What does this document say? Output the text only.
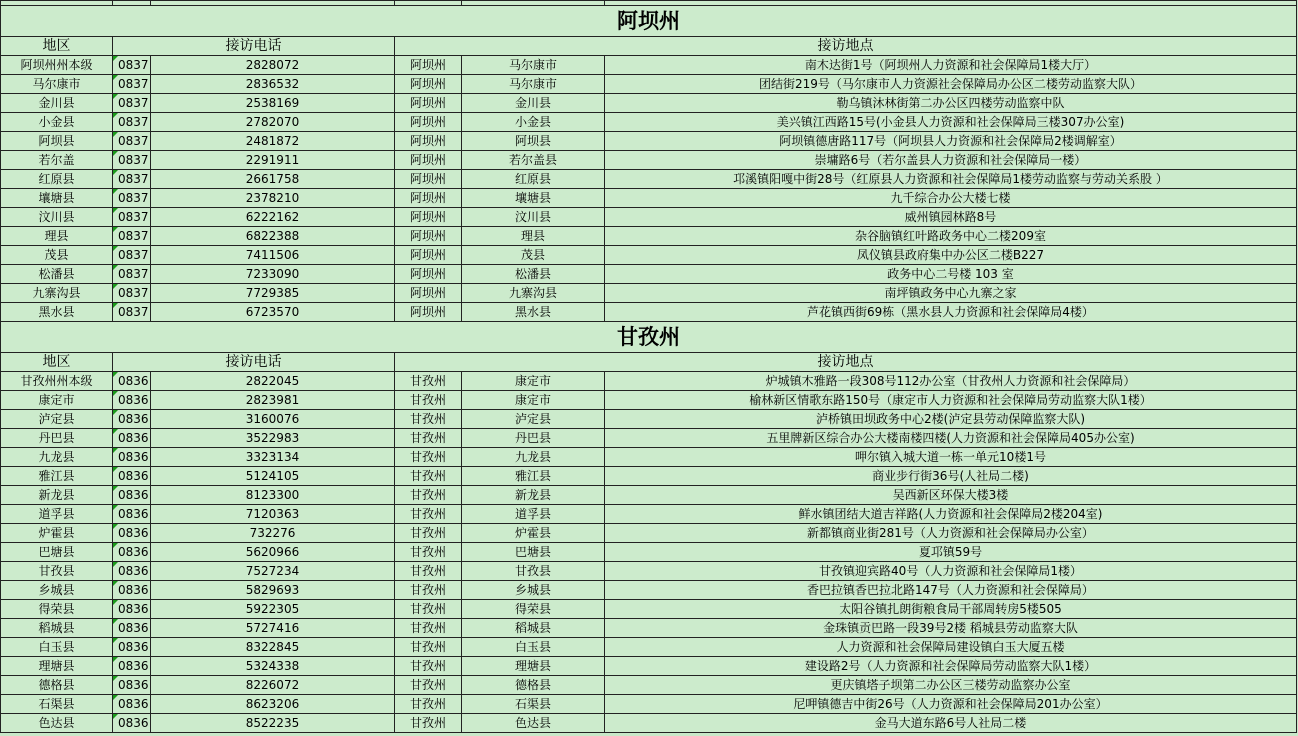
阿坝州					
地区	接访电话		接访地点		
阿坝州州本级	0837	2828072	阿坝州	马尔康市	南木达街1号（阿坝州人力资源和社会保障局1楼大厅）
马尔康市	0837	2836532	阿坝州	马尔康市	团结街219号（马尔康市人力资源社会保障局办公区二楼劳动监察大队）
金川县	0837	2538169	阿坝州	金川县	勒乌镇沐林街第二办公区四楼劳动监察中队
小金县	0837	2782070	阿坝州	小金县	美兴镇江西路15号(小金县人力资源和社会保障局三楼307办公室)
阿坝县	0837	2481872	阿坝州	阿坝县	阿坝镇德唐路117号（阿坝县人力资源和社会保障局2楼调解室）
若尔盖	0837	2291911	阿坝州	若尔盖县	崇墉路6号（若尔盖县人力资源和社会保障局一楼）
红原县	0837	2661758	阿坝州	红原县	邛溪镇阳嘎中街28号（红原县人力资源和社会保障局1楼劳动监察与劳动关系股 ）
壤塘县	0837	2378210	阿坝州	壤塘县	九千综合办公大楼七楼
汶川县	0837	6222162	阿坝州	汶川县	威州镇园林路8号
理县	0837	6822388	阿坝州	理县	杂谷脑镇红叶路政务中心二楼209室
茂县	0837	7411506	阿坝州	茂县	凤仪镇县政府集中办公区二楼B227
松潘县	0837	7233090	阿坝州	松潘县	政务中心二号楼 103 室
九寨沟县	0837	7729385	阿坝州	九寨沟县	南坪镇政务中心九寨之家
黑水县	0837	6723570	阿坝州	黑水县	芦花镇西街69栋（黑水县人力资源和社会保障局4楼）
甘孜州					
地区	接访电话		接访地点		
甘孜州州本级	0836	2822045	甘孜州	康定市	炉城镇木雅路一段308号112办公室（甘孜州人力资源和社会保障局）
康定市	0836	2823981	甘孜州	康定市	榆林新区情歌东路150号（康定市人力资源和社会保障局劳动监察大队1楼）
泸定县	0836	3160076	甘孜州	泸定县	泸桥镇田坝政务中心2楼(泸定县劳动保障监察大队)
丹巴县	0836	3522983	甘孜州	丹巴县	五里牌新区综合办公大楼南楼四楼(人力资源和社会保障局405办公室)
九龙县	0836	3323134	甘孜州	九龙县	呷尔镇入城大道一栋一单元10楼1号
雅江县	0836	5124105	甘孜州	雅江县	商业步行街36号(人社局二楼)
新龙县	0836	8123300	甘孜州	新龙县	吴西新区环保大楼3楼
道孚县	0836	7120363	甘孜州	道孚县	鲜水镇团结大道吉祥路(人力资源和社会保障局2楼204室)
炉霍县	0836	732276	甘孜州	炉霍县	新都镇商业街281号（人力资源和社会保障局办公室）
巴塘县	0836	5620966	甘孜州	巴塘县	夏邛镇59号
甘孜县	0836	7527234	甘孜州	甘孜县	甘孜镇迎宾路40号（人力资源和社会保障局1楼）
乡城县	0836	5829693	甘孜州	乡城县	香巴拉镇香巴拉北路147号（人力资源和社会保障局）
得荣县	0836	5922305	甘孜州	得荣县	太阳谷镇扎朗街粮食局干部周转房5楼505
稻城县	0836	5727416	甘孜州	稻城县	金珠镇贡巴路一段39号2楼 稻城县劳动监察大队
白玉县	0836	8322845	甘孜州	白玉县	人力资源和社会保障局建设镇白玉大厦五楼
理塘县	0836	5324338	甘孜州	理塘县	建设路2号（人力资源和社会保障局劳动监察大队1楼）
德格县	0836	8226072	甘孜州	德格县	更庆镇塔子坝第二办公区三楼劳动监察办公室
石渠县	0836	8623206	甘孜州	石渠县	尼呷镇德吉中街26号（人力资源和社会保障局201办公室）
色达县	0836	8522235	甘孜州	色达县	金马大道东路6号人社局二楼
